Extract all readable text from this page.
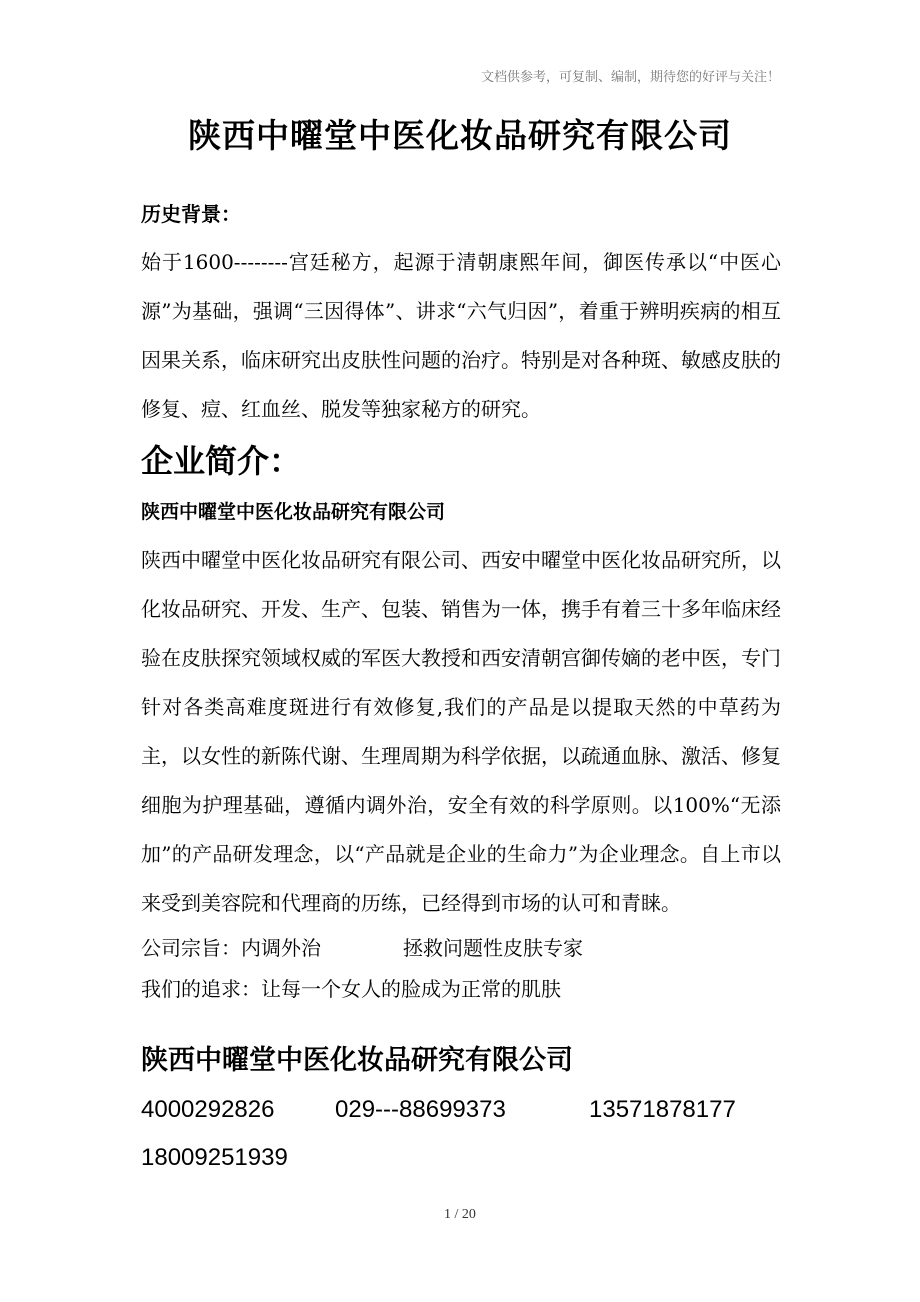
文档供参考，可复制、编制，期待您的好评与关注！
陕西中曜堂中医化妆品研究有限公司

历史背景：

始于1600--------宫廷秘方，起源于清朝康熙年间，御医传承以“中医心源”为基础，强调“三因得体”、讲求“六气归因”，着重于辨明疾病的相互因果关系，临床研究出皮肤性问题的治疗。特别是对各种斑、敏感皮肤的修复、痘、红血丝、脱发等独家秘方的研究。

企业简介：

陕西中曜堂中医化妆品研究有限公司

陕西中曜堂中医化妆品研究有限公司、西安中曜堂中医化妆品研究所，以化妆品研究、开发、生产、包装、销售为一体，携手有着三十多年临床经验在皮肤探究领域权威的军医大教授和西安清朝宫御传嫡的老中医，专门针对各类高难度斑进行有效修复,我们的产品是以提取天然的中草药为主，以女性的新陈代谢、生理周期为科学依据，以疏通血脉、激活、修复细胞为护理基础，遵循内调外治，安全有效的科学原则。以100%“无添加”的产品研发理念，以“产品就是企业的生命力”为企业理念。自上市以来受到美容院和代理商的历练，已经得到市场的认可和青睐。

公司宗旨：内调外治	拯救问题性皮肤专家

我们的追求：让每一个女人的脸成为正常的肌肤

陕西中曜堂中医化妆品研究有限公司

4000292826	029---88699373	13571878177

18009251939

1 / 20
